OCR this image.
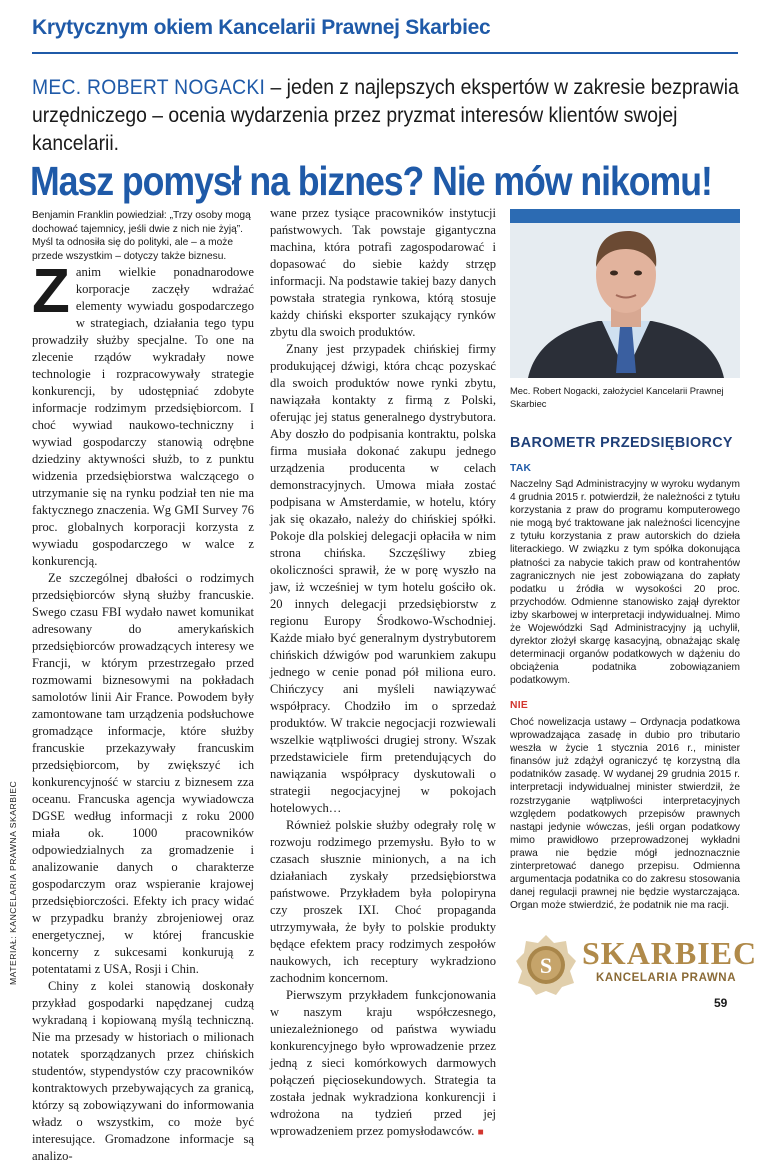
Krytycznym okiem Kancelarii Prawnej Skarbiec
MEC. ROBERT NOGACKI – jeden z najlepszych ekspertów w zakresie bezprawia urzędniczego – ocenia wydarzenia przez pryzmat interesów klientów swojej kancelarii.
Masz pomysł na biznes? Nie mów nikomu!
Benjamin Franklin powiedział: „Trzy osoby mogą dochować tajemnicy, jeśli dwie z nich nie żyją”. Myśl ta odnosiła się do polityki, ale – a może przede wszystkim – dotyczy także biznesu.

Zanim wielkie ponadnarodowe korporacje zaczęły wdrażać elementy wywiadu gospodarczego w strategiach, działania tego typu prowadziły służby specjalne. To one na zlecenie rządów wykradały nowe technologie i rozpracowywały strategie konkurencji, by udostępniać zdobyte informacje rodzimym przedsiębiorcom. I choć wywiad naukowo-techniczny i wywiad gospodarczy stanowią odrębne dziedziny aktywności służb, to z punktu widzenia przedsiębiorstwa walczącego o utrzymanie się na rynku podział ten nie ma faktycznego znaczenia. Wg GMI Survey 76 proc. globalnych korporacji korzysta z wywiadu gospodarczego w walce z konkurencją.

Ze szczególnej dbałości o rodzimych przedsiębiorców słyną służby francuskie. Swego czasu FBI wydało nawet komunikat adresowany do amerykańskich przedsiębiorców prowadzących interesy we Francji, w którym przestrzegało przed rozmowami biznesowymi na pokładach samolotów linii Air France. Powodem były zamontowane tam urządzenia podsłuchowe gromadzące informacje, które służby francuskie przekazywały francuskim przedsiębiorcom, by zwiększyć ich konkurencyjność w starciu z biznesem zza oceanu. Francuska agencja wywiadowcza DGSE według informacji z roku 2000 miała ok. 1000 pracowników odpowiedzialnych za gromadzenie i analizowanie danych o charakterze gospodarczym oraz wspieranie krajowej przedsiębiorczości. Efekty ich pracy widać w przypadku branży zbrojeniowej oraz energetycznej, w której francuskie koncerny z sukcesami konkurują z potentatami z USA, Rosji i Chin.

Chiny z kolei stanowią doskonały przykład gospodarki napędzanej cudzą wykradaną i kopiowaną myślą techniczną. Nie ma przesady w historiach o milionach notatek sporządzanych przez chińskich studentów, stypendystów czy pracowników kontraktowych przebywających za granicą, którzy są zobowiązywani do informowania władz o wszystkim, co może być interesujące. Gromadzone informacje są analizo-

wane przez tysiące pracowników instytucji państwowych. Tak powstaje gigantyczna machina, która potrafi zagospodarować i dopasować do siebie każdy strzęp informacji. Na podstawie takiej bazy danych powstała strategia rynkowa, którą stosuje każdy chiński eksporter szukający rynków zbytu dla swoich produktów.

Znany jest przypadek chińskiej firmy produkującej dźwigi, która chcąc pozyskać dla swoich produktów nowe rynki zbytu, nawiązała kontakty z firmą z Polski, oferując jej status generalnego dystrybutora. Aby doszło do podpisania kontraktu, polska firma musiała dokonać zakupu jednego urządzenia producenta w celach demonstracyjnych. Umowa miała zostać podpisana w Amsterdamie, w hotelu, który jak się okazało, należy do chińskiej spółki. Pokoje dla polskiej delegacji opłaciła w nim strona chińska. Szczęśliwy zbieg okoliczności sprawił, że w porę wyszło na jaw, iż wcześniej w tym hotelu gościło ok. 20 innych delegacji przedsiębiorstw z regionu Europy Środkowo-Wschodniej. Każde miało być generalnym dystrybutorem chińskich dźwigów pod warunkiem zakupu jednego w cenie ponad pół miliona euro. Chińczycy ani myśleli nawiązywać współpracy. Chodziło im o sprzedaż produktów. W trakcie negocjacji rozwiewali wszelkie wątpliwości drugiej strony. Wszak przedstawiciele firm pretendujących do nawiązania współpracy dyskutowali o strategii negocjacyjnej w pokojach hotelowych…

Również polskie służby odegrały rolę w rozwoju rodzimego przemysłu. Było to w czasach słusznie minionych, a na ich działaniach zyskały przedsiębiorstwa państwowe. Przykładem była polopiryna czy proszek IXI. Choć propaganda utrzymywała, że były to polskie produkty będące efektem pracy rodzimych zespołów naukowych, ich receptury wykradziono zachodnim koncernom.

Pierwszym przykładem funkcjonowania w naszym kraju współczesnego, uniezależnionego od państwa wywiadu konkurencyjnego było wprowadzenie przez jedną z sieci komórkowych darmowych połączeń pięciosekundowych. Strategia ta została jednak wykradziona konkurencji i wdrożona na tydzień przed jej wprowadzeniem przez pomysłodawców. ■

Mec. Robert Nogacki, założyciel Kancelarii Prawnej Skarbiec
BAROMETR PRZEDSIĘBIORCY
TAK
Naczelny Sąd Administracyjny w wyroku wydanym 4 grudnia 2015 r. potwierdził, że należności z tytułu korzystania z praw do programu komputerowego nie mogą być traktowane jak należności licencyjne z tytułu korzystania z praw autorskich do dzieła literackiego. W związku z tym spółka dokonująca płatności za nabycie takich praw od kontrahentów zagranicznych nie jest zobowiązana do zapłaty podatku u źródła w wysokości 20 proc. przychodów. Odmienne stanowisko zajął dyrektor izby skarbowej w interpretacji indywidualnej. Mimo że Wojewódzki Sąd Administracyjny ją uchylił, dyrektor złożył skargę kasacyjną, obnażając skalę determinacji organów podatkowych w dążeniu do obciążenia podatnika zobowiązaniem podatkowym.
NIE
Choć nowelizacja ustawy – Ordynacja podatkowa wprowadzająca zasadę in dubio pro tributario weszła w życie 1 stycznia 2016 r., minister finansów już zdążył ograniczyć tę korzystną dla podatników zasadę. W wydanej 29 grudnia 2015 r. interpretacji indywidualnej minister stwierdził, że rozstrzyganie wątpliwości interpretacyjnych względem podatkowych przepisów prawnych nastąpi jedynie wówczas, jeśli organ podatkowy mimo prawidłowo przeprowadzonej wykładni prawa nie będzie mógł jednoznacznie zinterpretować danego przepisu. Odmienna argumentacja podatnika co do zakresu stosowania danej regulacji prawnej nie będzie wystarczająca. Organ może stwierdzić, że podatnik nie ma racji.
S SKARBIEC
KANCELARIA PRAWNA
MATERIAŁ: KANCELARIA PRAWNA SKARBIEC
59
